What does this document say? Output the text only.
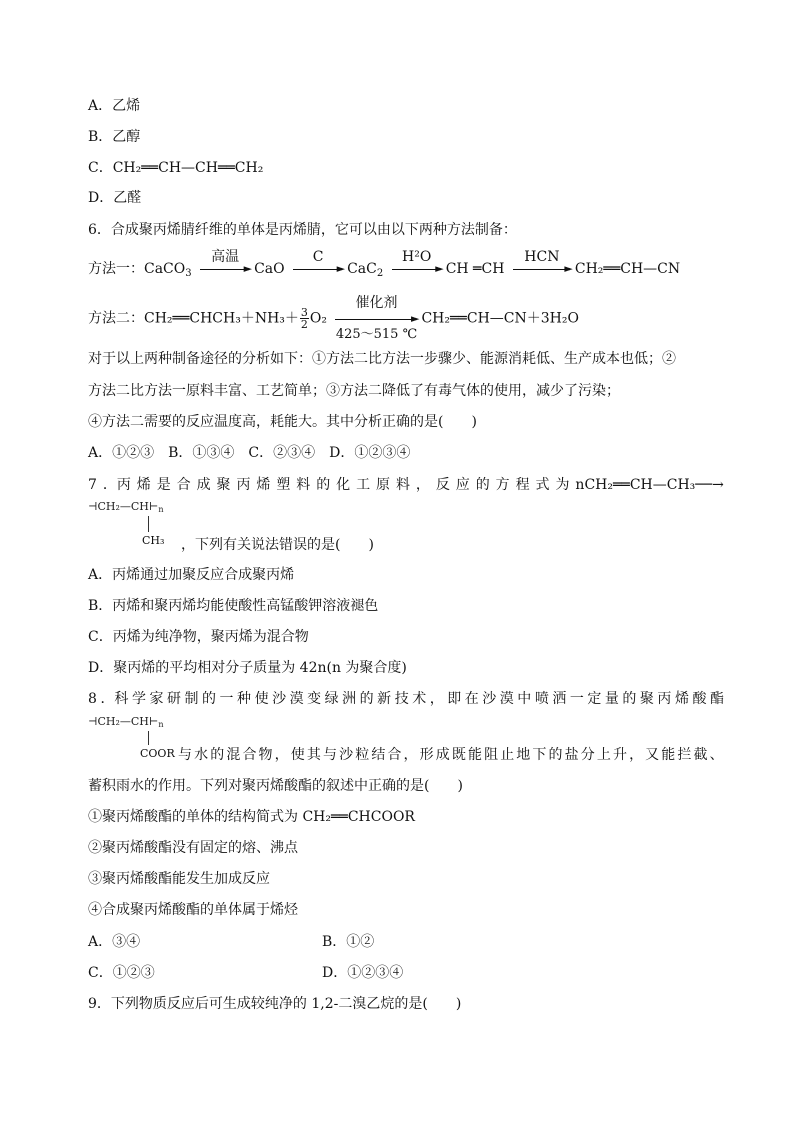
A．乙烯
B．乙醇
C．CH₂══CH—CH══CH₂
D．乙醛
6．合成聚丙烯腈纤维的单体是丙烯腈，它可以由以下两种方法制备：
方法一：CaCO$_3$
高温
► CaO
C
► CaC$_2$
H²O
► CH ═CH
HCN
► CH₂══CH—CN
方法二：CH₂══CHCH₃＋NH₃＋ $\frac{3}{2} O_2$
催化剂
►
425～515 ℃
CH₂══CH—CN＋3H₂O
对于以上两种制备途径的分析如下：①方法二比方法一步骤少、能源消耗低、生产成本也低；②
方法二比方法一原料丰富、工艺简单；③方法二降低了有毒气体的使用，减少了污染；
④方法二需要的反应温度高，耗能大。其中分析正确的是(　　)
A．①②③　B．①③④　C．②③④　D．①②③④
7 ．丙 烯 是 合 成 聚 丙 烯 塑 料 的 化 工 原 料 ， 反 应 的 方 程 式 为 nCH₂══CH—CH₃──→
$⊣CH_2—CH⊢_n$
CH₃ ，下列有关说法错误的是(　　)
A．丙烯通过加聚反应合成聚丙烯
B．丙烯和聚丙烯均能使酸性高锰酸钾溶液褪色
C．丙烯为纯净物，聚丙烯为混合物
D．聚丙烯的平均相对分子质量为 42n(n 为聚合度)
8 ．科 学 家 研 制 的 一 种 使 沙 漠 变 绿 洲 的 新 技 术 ， 即 在 沙 漠 中 喷 洒 一 定 量 的 聚 丙 烯 酸 酯
$⊣CH_2—CH⊢_n$
COOR 与 水 的 混 合 物 ， 使 其 与 沙 粒 结 合 ， 形 成 既 能 阻 止 地 下 的 盐 分 上 升 ， 又 能 拦 截 、
蓄积雨水的作用。下列对聚丙烯酸酯的叙述中正确的是(　　)
①聚丙烯酸酯的单体的结构简式为 CH₂══CHCOOR
②聚丙烯酸酯没有固定的熔、沸点
③聚丙烯酸酯能发生加成反应
④合成聚丙烯酸酯的单体属于烯烃
A．③④	B．①②
C．①②③	D．①②③④
9．下列物质反应后可生成较纯净的 1,2-二溴乙烷的是(　　)
